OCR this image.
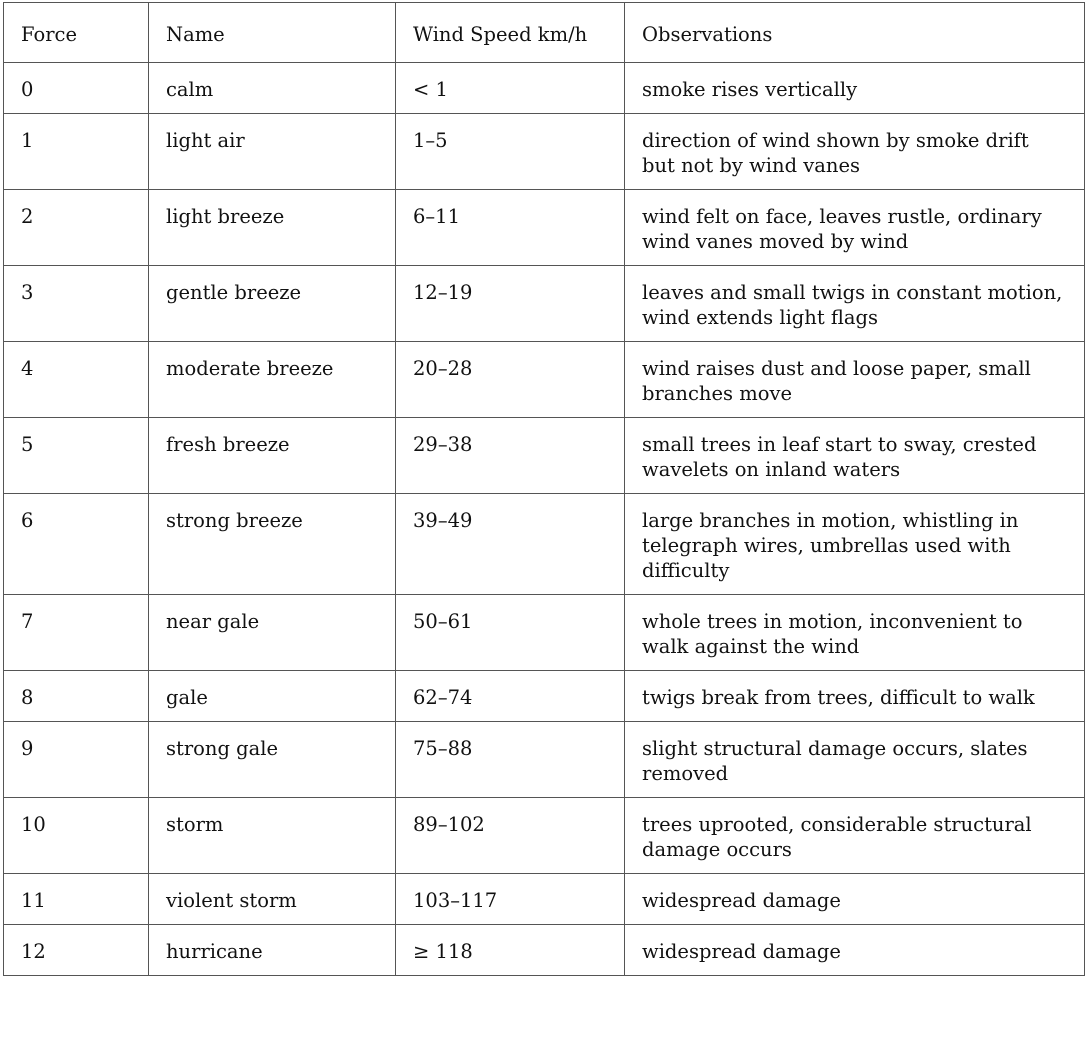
Force	Name	Wind Speed km/h	Observations
0	calm	< 1	smoke rises vertically
1	light air	1–5	direction of wind shown by smoke drift but not by wind vanes
2	light breeze	6–11	wind felt on face, leaves rustle, ordinary wind vanes moved by wind
3	gentle breeze	12–19	leaves and small twigs in constant motion, wind extends light flags
4	moderate breeze	20–28	wind raises dust and loose paper, small branches move
5	fresh breeze	29–38	small trees in leaf start to sway, crested wavelets on inland waters
6	strong breeze	39–49	large branches in motion, whistling in telegraph wires, umbrellas used with difficulty
7	near gale	50–61	whole trees in motion, inconvenient to walk against the wind
8	gale	62–74	twigs break from trees, difficult to walk
9	strong gale	75–88	slight structural damage occurs, slates removed
10	storm	89–102	trees uprooted, considerable structural damage occurs
11	violent storm	103–117	widespread damage
12	hurricane	≥ 118	widespread damage
